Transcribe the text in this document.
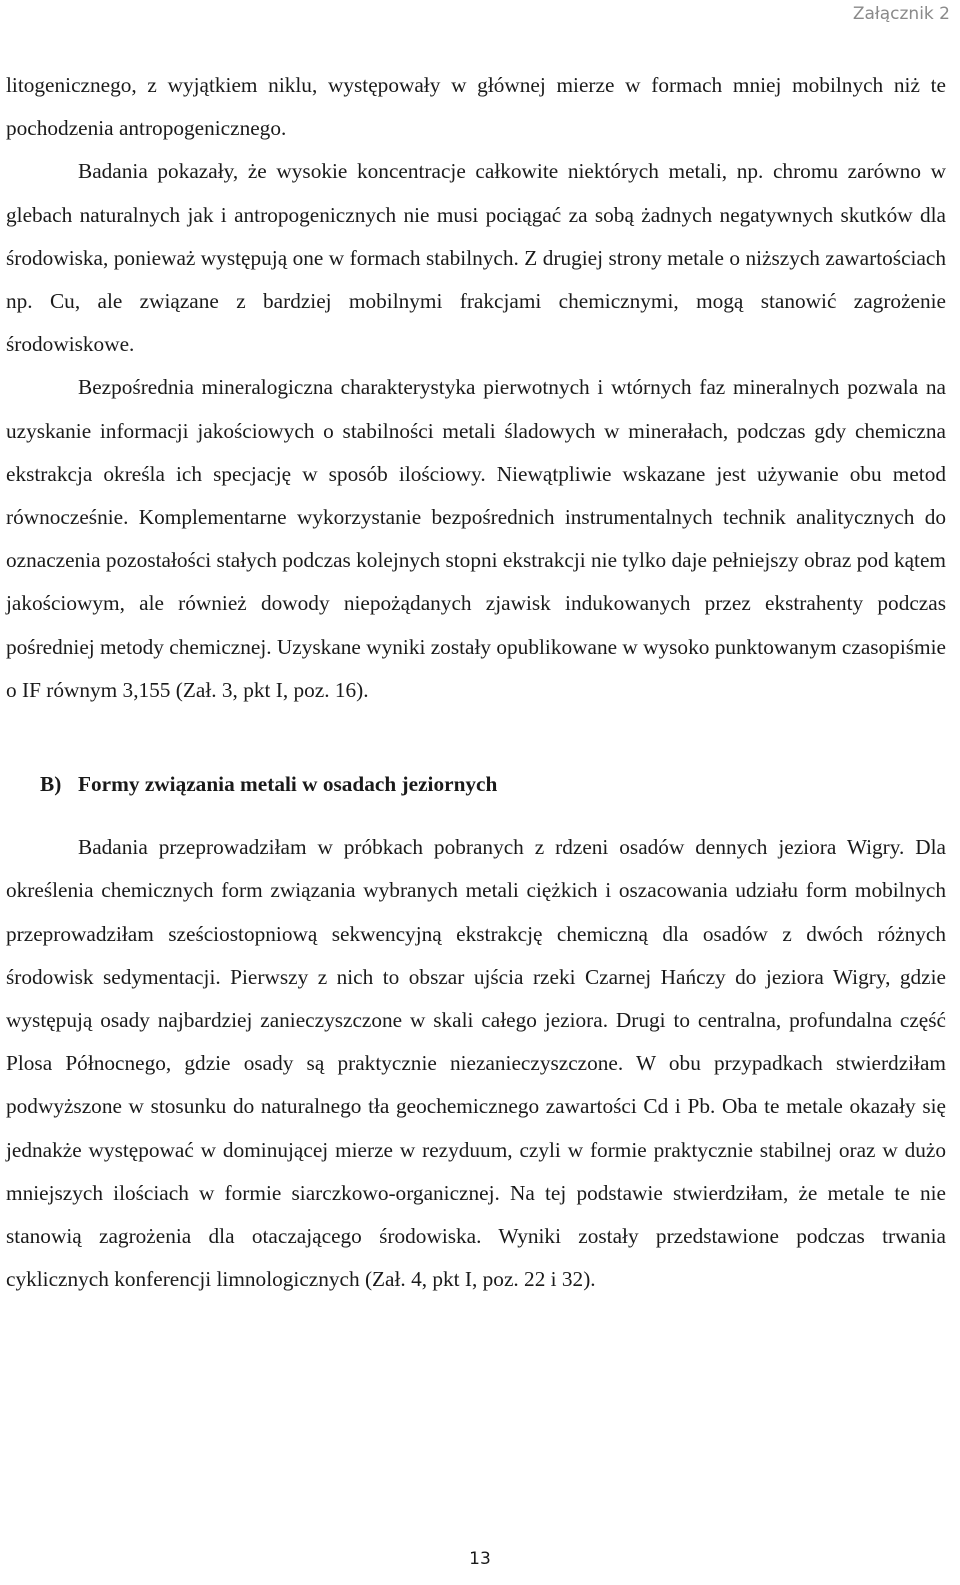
Załącznik 2

litogenicznego, z wyjątkiem niklu, występowały w głównej mierze w formach mniej mobilnych niż te pochodzenia antropogenicznego.

Badania pokazały, że wysokie koncentracje całkowite niektórych metali, np. chromu zarówno w glebach naturalnych jak i antropogenicznych nie musi pociągać za sobą żadnych negatywnych skutków dla środowiska, ponieważ występują one w formach stabilnych. Z drugiej strony metale o niższych zawartościach np. Cu, ale związane z bardziej mobilnymi frakcjami chemicznymi, mogą stanowić zagrożenie środowiskowe.

Bezpośrednia mineralogiczna charakterystyka pierwotnych i wtórnych faz mineralnych pozwala na uzyskanie informacji jakościowych o stabilności metali śladowych w minerałach, podczas gdy chemiczna ekstrakcja określa ich specjację w sposób ilościowy. Niewątpliwie wskazane jest używanie obu metod równocześnie. Komplementarne wykorzystanie bezpośrednich instrumentalnych technik analitycznych do oznaczenia pozostałości stałych podczas kolejnych stopni ekstrakcji nie tylko daje pełniejszy obraz pod kątem jakościowym, ale również dowody niepożądanych zjawisk indukowanych przez ekstrahenty podczas pośredniej metody chemicznej. Uzyskane wyniki zostały opublikowane w wysoko punktowanym czasopiśmie o IF równym 3,155 (Zał. 3, pkt I, poz. 16).

B) Formy związania metali w osadach jeziornych

Badania przeprowadziłam w próbkach pobranych z rdzeni osadów dennych jeziora Wigry. Dla określenia chemicznych form związania wybranych metali ciężkich i oszacowania udziału form mobilnych przeprowadziłam sześciostopniową sekwencyjną ekstrakcję chemiczną dla osadów z dwóch różnych środowisk sedymentacji. Pierwszy z nich to obszar ujścia rzeki Czarnej Hańczy do jeziora Wigry, gdzie występują osady najbardziej zanieczyszczone w skali całego jeziora. Drugi to centralna, profundalna część Plosa Północnego, gdzie osady są praktycznie niezanieczyszczone. W obu przypadkach stwierdziłam podwyższone w stosunku do naturalnego tła geochemicznego zawartości Cd i Pb. Oba te metale okazały się jednakże występować w dominującej mierze w rezyduum, czyli w formie praktycznie stabilnej oraz w dużo mniejszych ilościach w formie siarczkowo-organicznej. Na tej podstawie stwierdziłam, że metale te nie stanowią zagrożenia dla otaczającego środowiska. Wyniki zostały przedstawione podczas trwania cyklicznych konferencji limnologicznych (Zał. 4, pkt I, poz. 22 i 32).

13
